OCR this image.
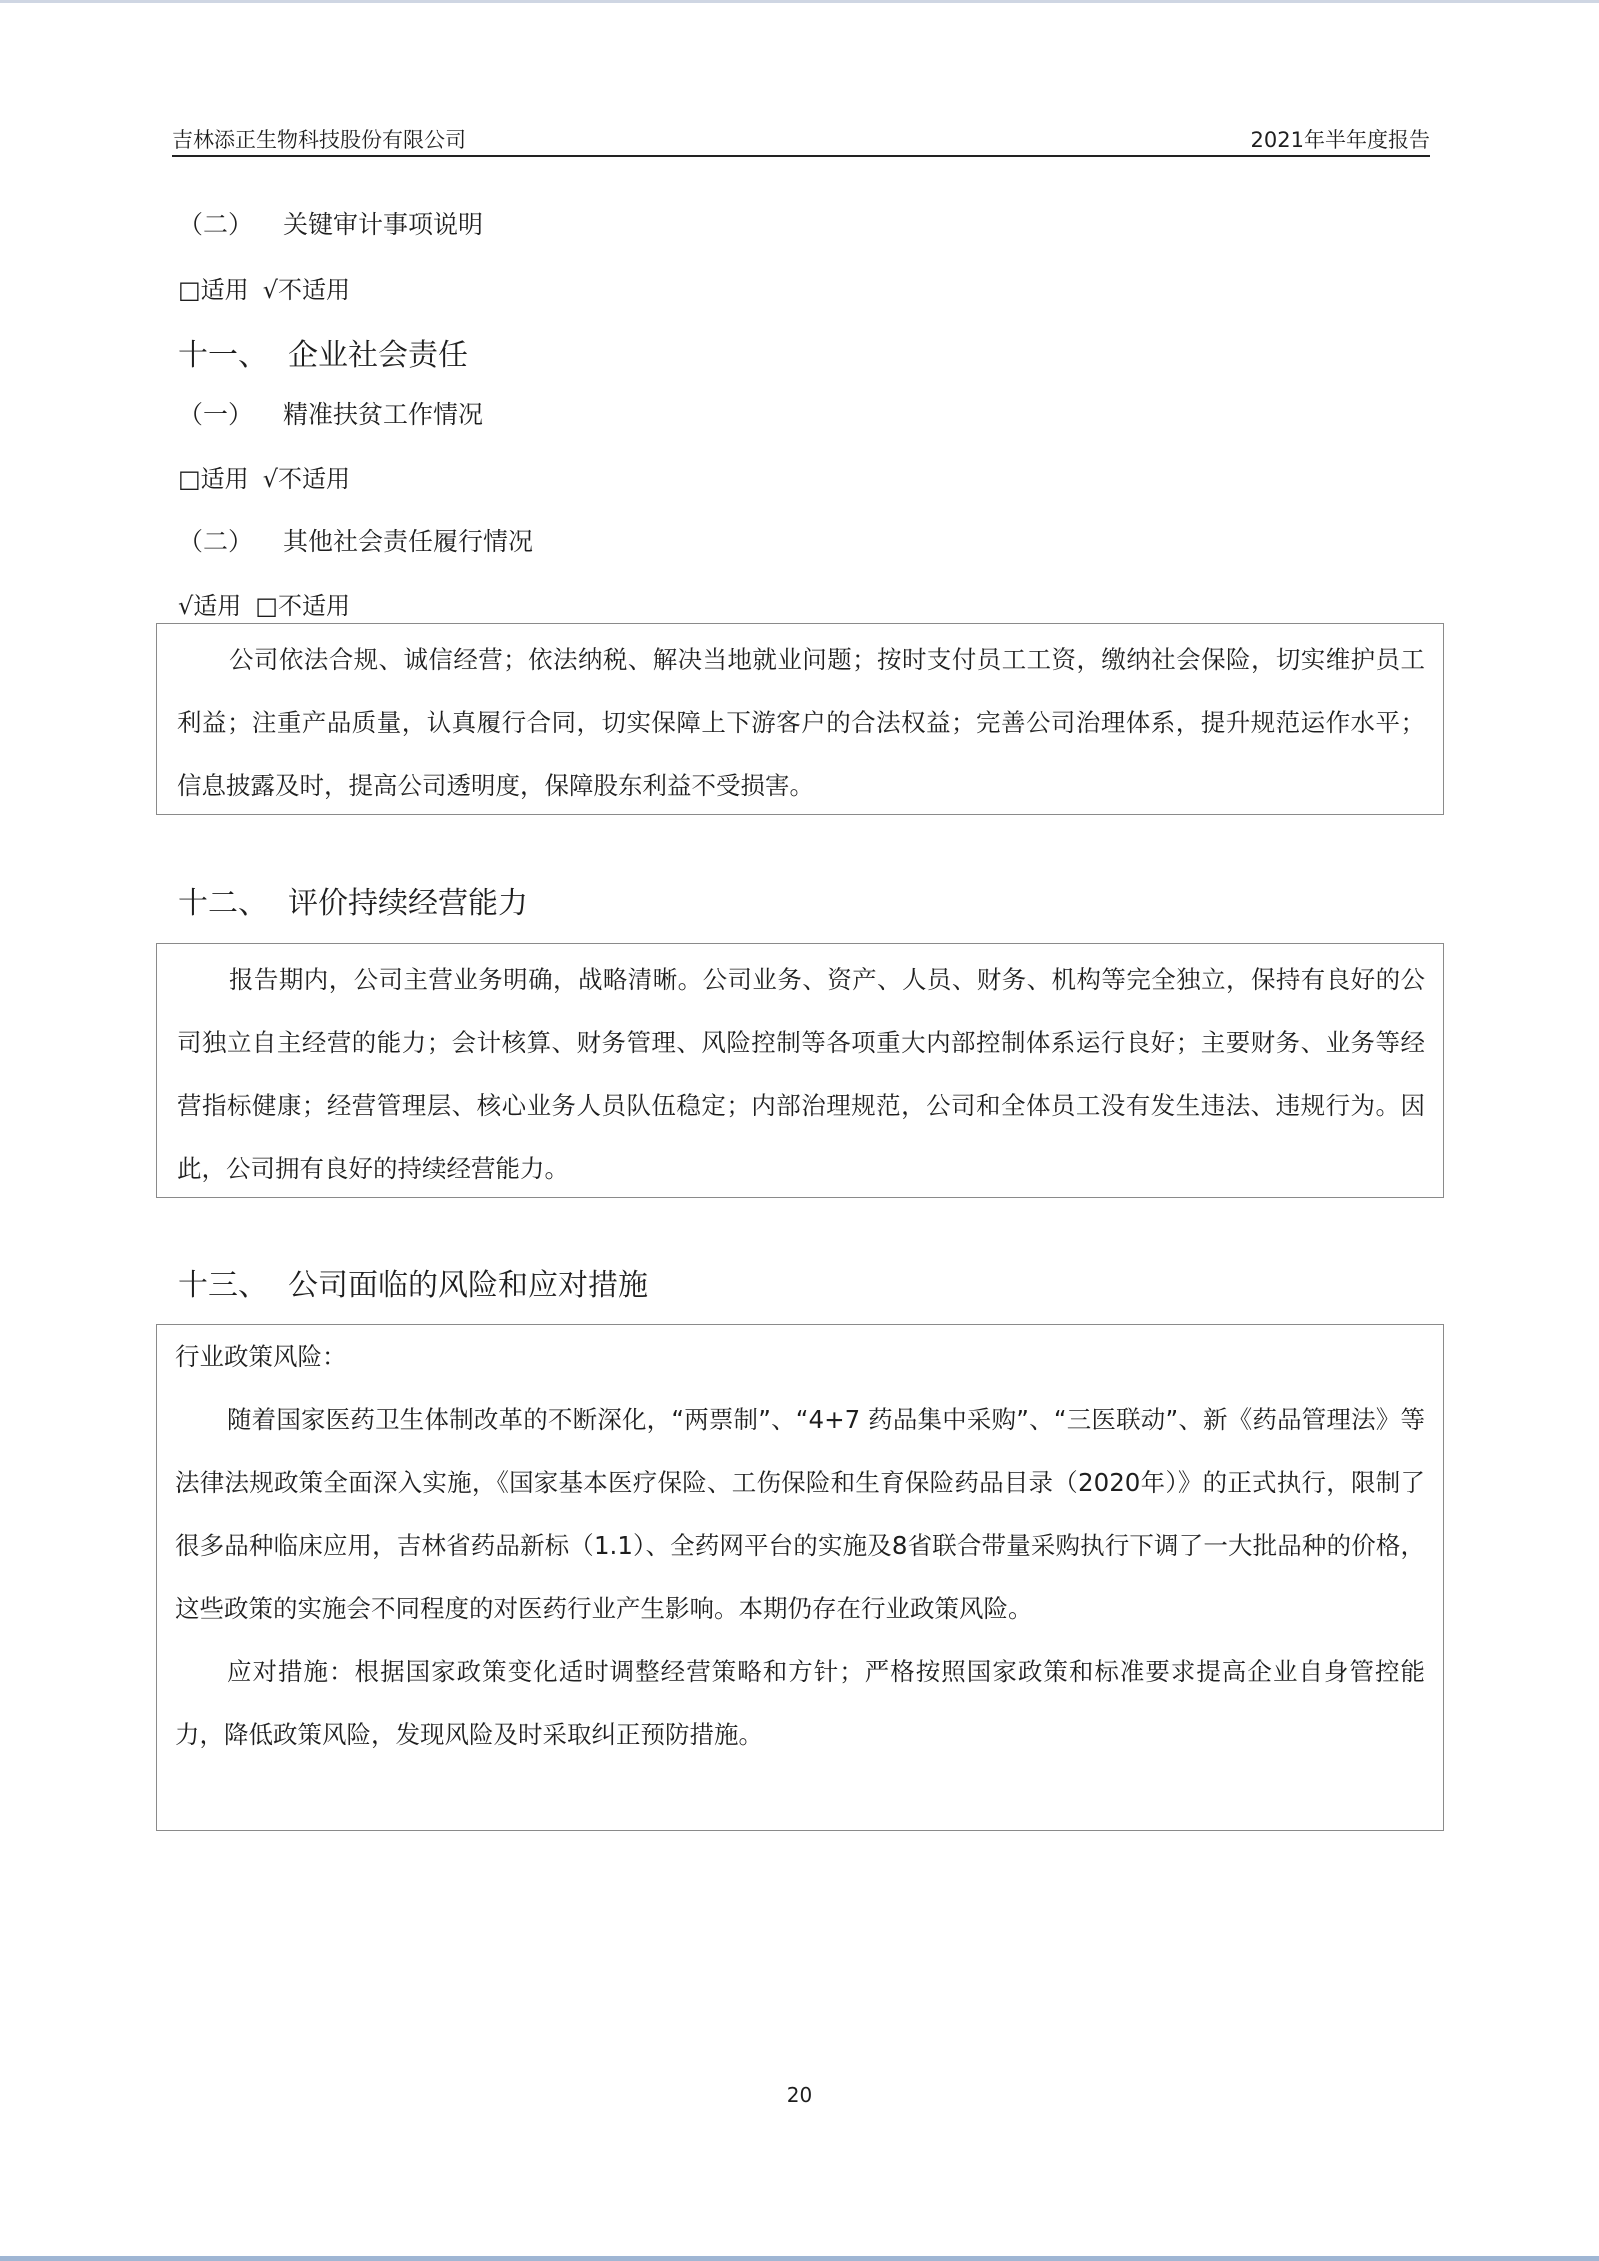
吉林添正生物科技股份有限公司	2021年半年度报告
（二） 关键审计事项说明
□适用 √不适用
十一、 企业社会责任
（一） 精准扶贫工作情况
□适用 √不适用
（二） 其他社会责任履行情况
√适用 □不适用

公司依法合规、诚信经营；依法纳税、解决当地就业问题；按时支付员工工资，缴纳社会保险，切实维护员工利益；注重产品质量，认真履行合同，切实保障上下游客户的合法权益；完善公司治理体系，提升规范运作水平；信息披露及时，提高公司透明度，保障股东利益不受损害。

十二、 评价持续经营能力

报告期内，公司主营业务明确，战略清晰。公司业务、资产、人员、财务、机构等完全独立，保持有良好的公司独立自主经营的能力；会计核算、财务管理、风险控制等各项重大内部控制体系运行良好；主要财务、业务等经营指标健康；经营管理层、核心业务人员队伍稳定；内部治理规范，公司和全体员工没有发生违法、违规行为。因此，公司拥有良好的持续经营能力。

十三、 公司面临的风险和应对措施

行业政策风险：

随着国家医药卫生体制改革的不断深化，“两票制”、“4+7 药品集中采购”、“三医联动”、新《药品管理法》等法律法规政策全面深入实施，《国家基本医疗保险、工伤保险和生育保险药品目录（2020年）》的正式执行，限制了很多品种临床应用，吉林省药品新标（1.1）、全药网平台的实施及8省联合带量采购执行下调了一大批品种的价格，这些政策的实施会不同程度的对医药行业产生影响。本期仍存在行业政策风险。

应对措施：根据国家政策变化适时调整经营策略和方针；严格按照国家政策和标准要求提高企业自身管控能力，降低政策风险，发现风险及时采取纠正预防措施。

20
